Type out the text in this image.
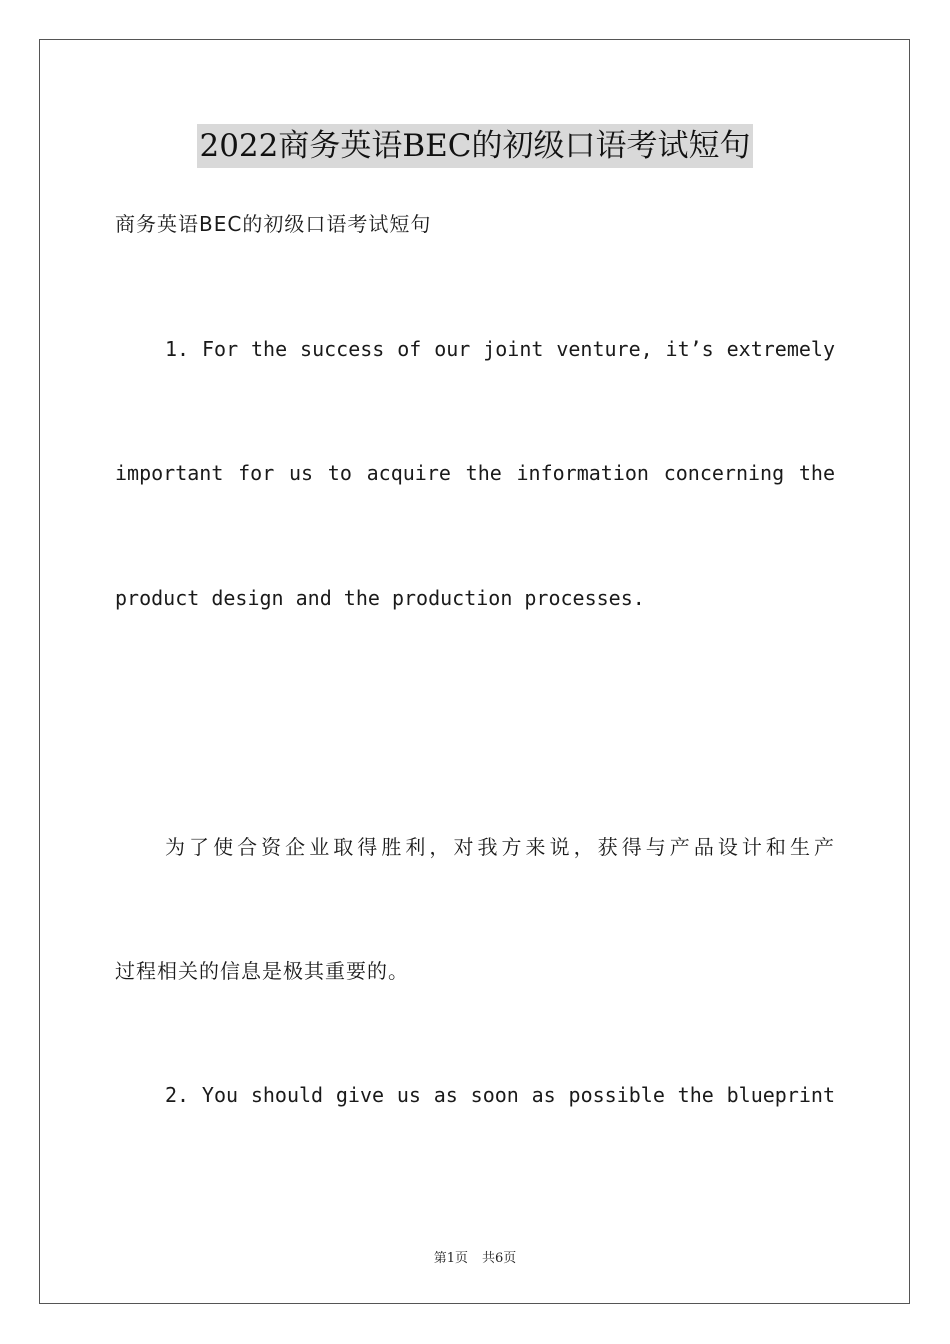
2022商务英语BEC的初级口语考试短句
商务英语BEC的初级口语考试短句
1. For the success of our joint venture, it’s extremely
important for us to acquire the information concerning the
product design and the production processes.
为了使合资企业取得胜利，对我方来说，获得与产品设计和生产
过程相关的信息是极其重要的。
2. You should give us as soon as possible the blueprint
第1页 共6页
